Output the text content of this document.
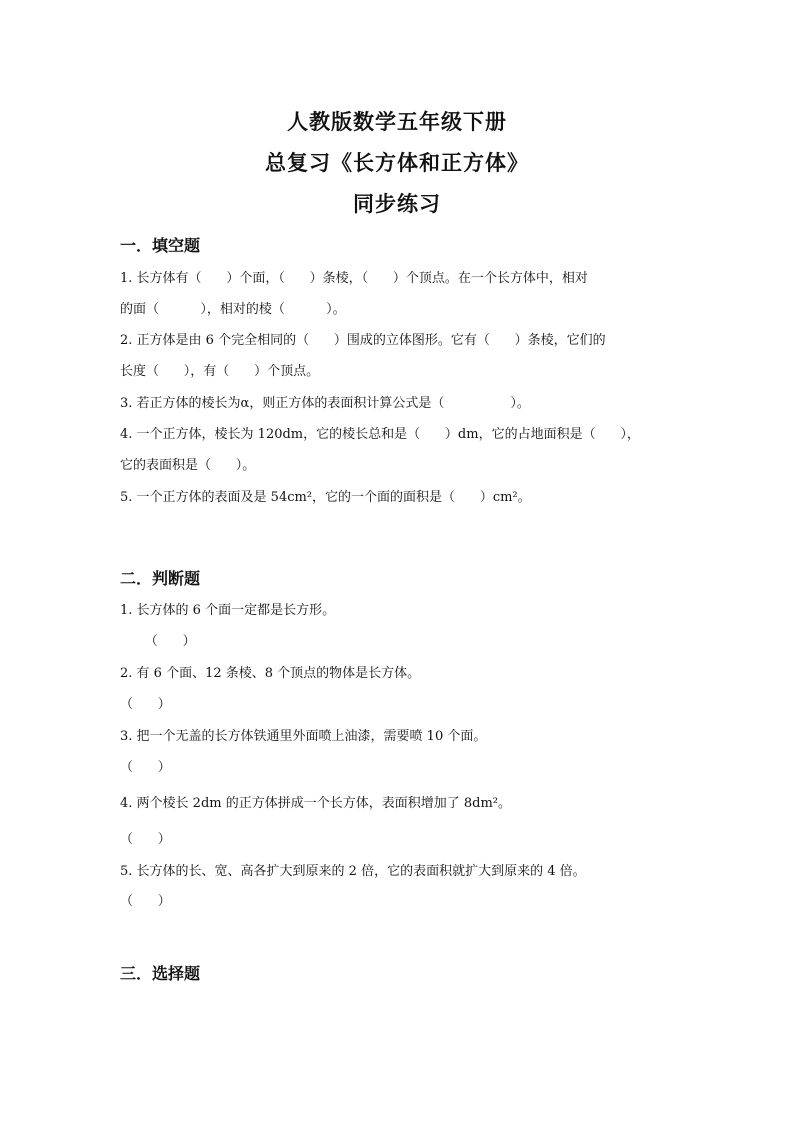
人教版数学五年级下册
总复习《长方体和正方体》
同步练习
一．填空题
1. 长方体有（      ）个面，（      ）条棱，（      ）个顶点。在一个长方体中，相对
的面（          ），相对的棱（          ）。
2. 正方体是由 6 个完全相同的（      ）围成的立体图形。它有（      ）条棱，它们的
长度（      ），有（      ）个顶点。
3. 若正方体的棱长为α，则正方体的表面积计算公式是（                ）。
4. 一个正方体，棱长为 120dm，它的棱长总和是（      ）dm，它的占地面积是（      ），
它的表面积是（      ）。
5. 一个正方体的表面及是 54cm²，它的一个面的面积是（      ）cm²。
二．判断题
1. 长方体的 6 个面一定都是长方形。
（      ）
2. 有 6 个面、12 条棱、8 个顶点的物体是长方体。
（      ）
3. 把一个无盖的长方体铁通里外面喷上油漆，需要喷 10 个面。
（      ）
4. 两个棱长 2dm 的正方体拼成一个长方体，表面积增加了 8dm²。
（      ）
5. 长方体的长、宽、高各扩大到原来的 2 倍，它的表面积就扩大到原来的 4 倍。
（      ）
三．选择题
